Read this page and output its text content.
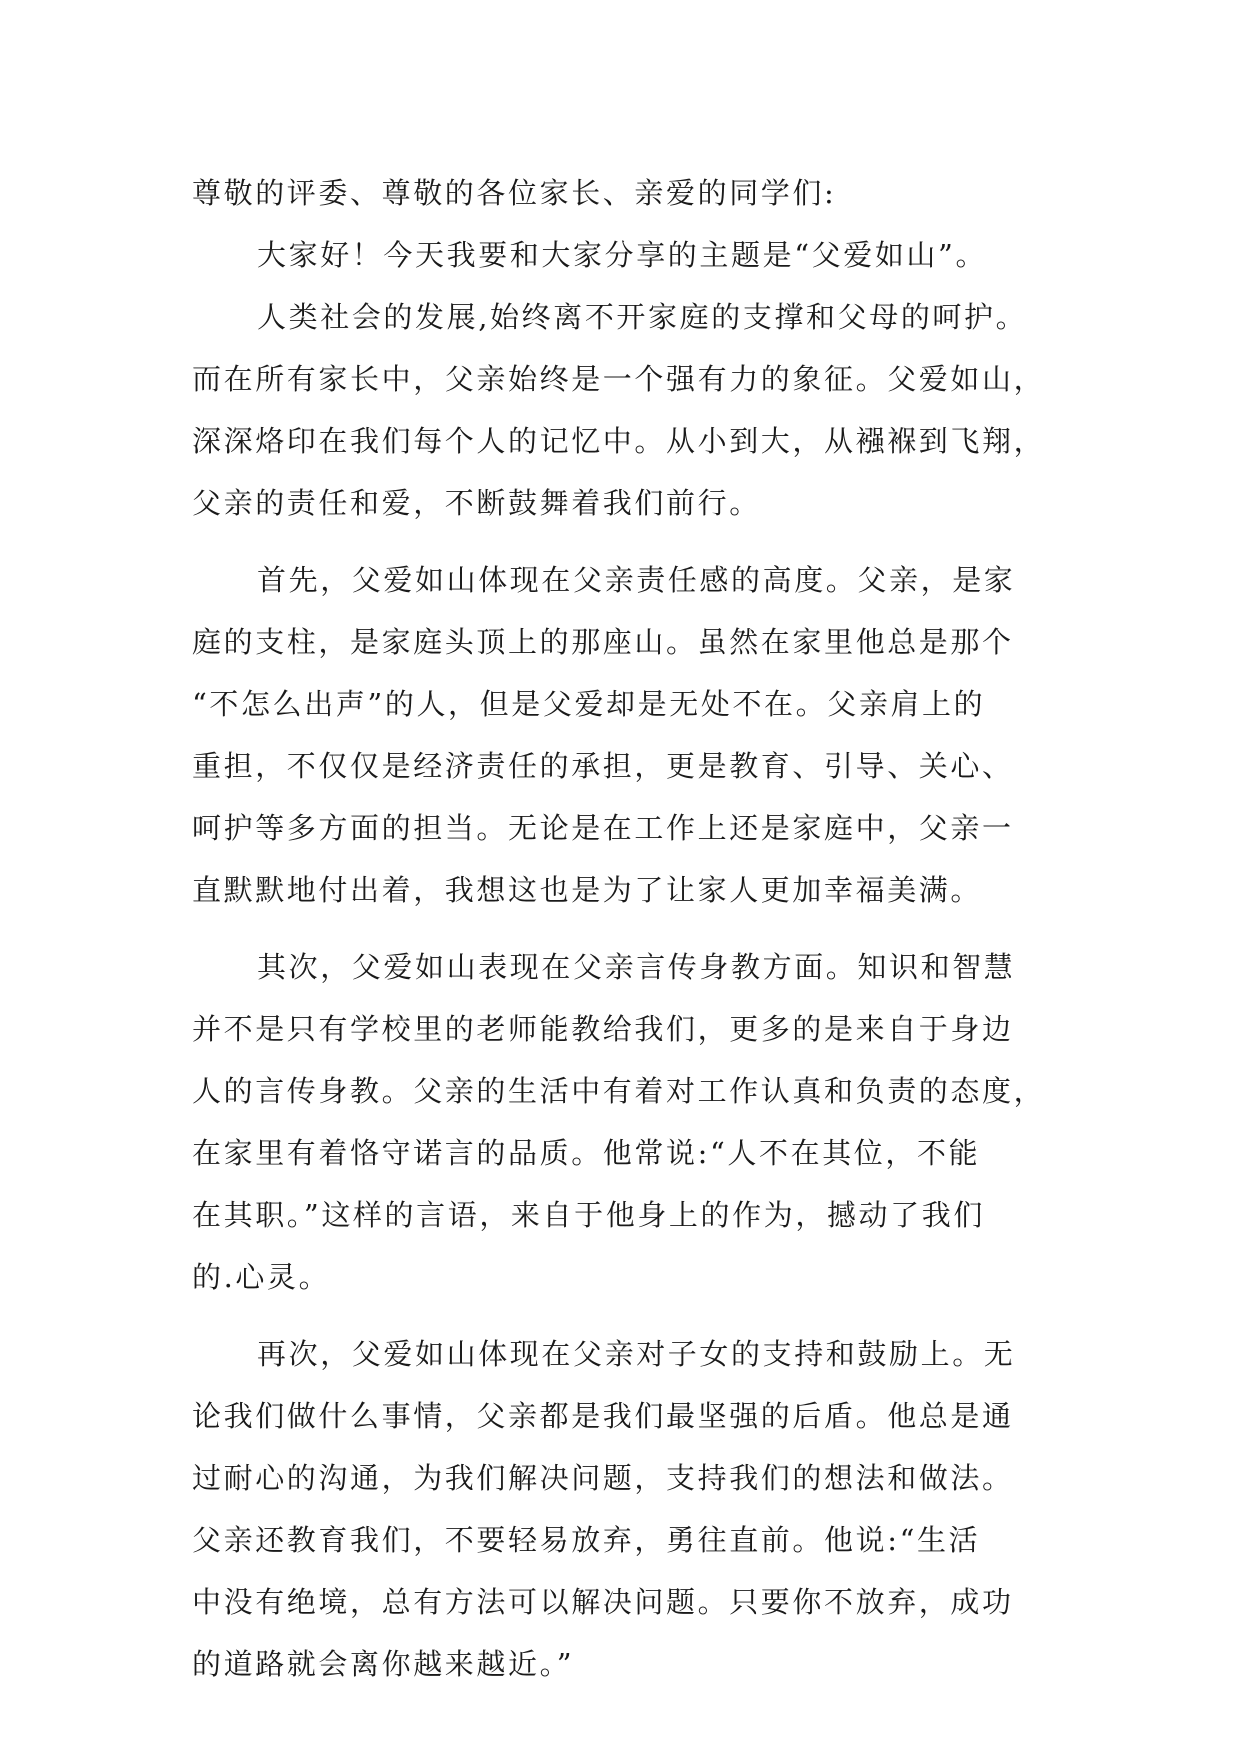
尊敬的评委、尊敬的各位家长、亲爱的同学们:
大家好！今天我要和大家分享的主题是“父爱如山”。
人类社会的发展,始终离不开家庭的支撑和父母的呵护。
而在所有家长中，父亲始终是一个强有力的象征。父爱如山，
深深烙印在我们每个人的记忆中。从小到大，从襁褓到飞翔，
父亲的责任和爱，不断鼓舞着我们前行。
首先，父爱如山体现在父亲责任感的高度。父亲，是家
庭的支柱，是家庭头顶上的那座山。虽然在家里他总是那个
“不怎么出声”的人，但是父爱却是无处不在。父亲肩上的
重担，不仅仅是经济责任的承担，更是教育、引导、关心、
呵护等多方面的担当。无论是在工作上还是家庭中，父亲一
直默默地付出着，我想这也是为了让家人更加幸福美满。
其次，父爱如山表现在父亲言传身教方面。知识和智慧
并不是只有学校里的老师能教给我们，更多的是来自于身边
人的言传身教。父亲的生活中有着对工作认真和负责的态度，
在家里有着恪守诺言的品质。他常说:“人不在其位，不能
在其职。”这样的言语，来自于他身上的作为，撼动了我们
的.心灵。
再次，父爱如山体现在父亲对子女的支持和鼓励上。无
论我们做什么事情，父亲都是我们最坚强的后盾。他总是通
过耐心的沟通，为我们解决问题，支持我们的想法和做法。
父亲还教育我们，不要轻易放弃，勇往直前。他说:“生活
中没有绝境，总有方法可以解决问题。只要你不放弃，成功
的道路就会离你越来越近。”
